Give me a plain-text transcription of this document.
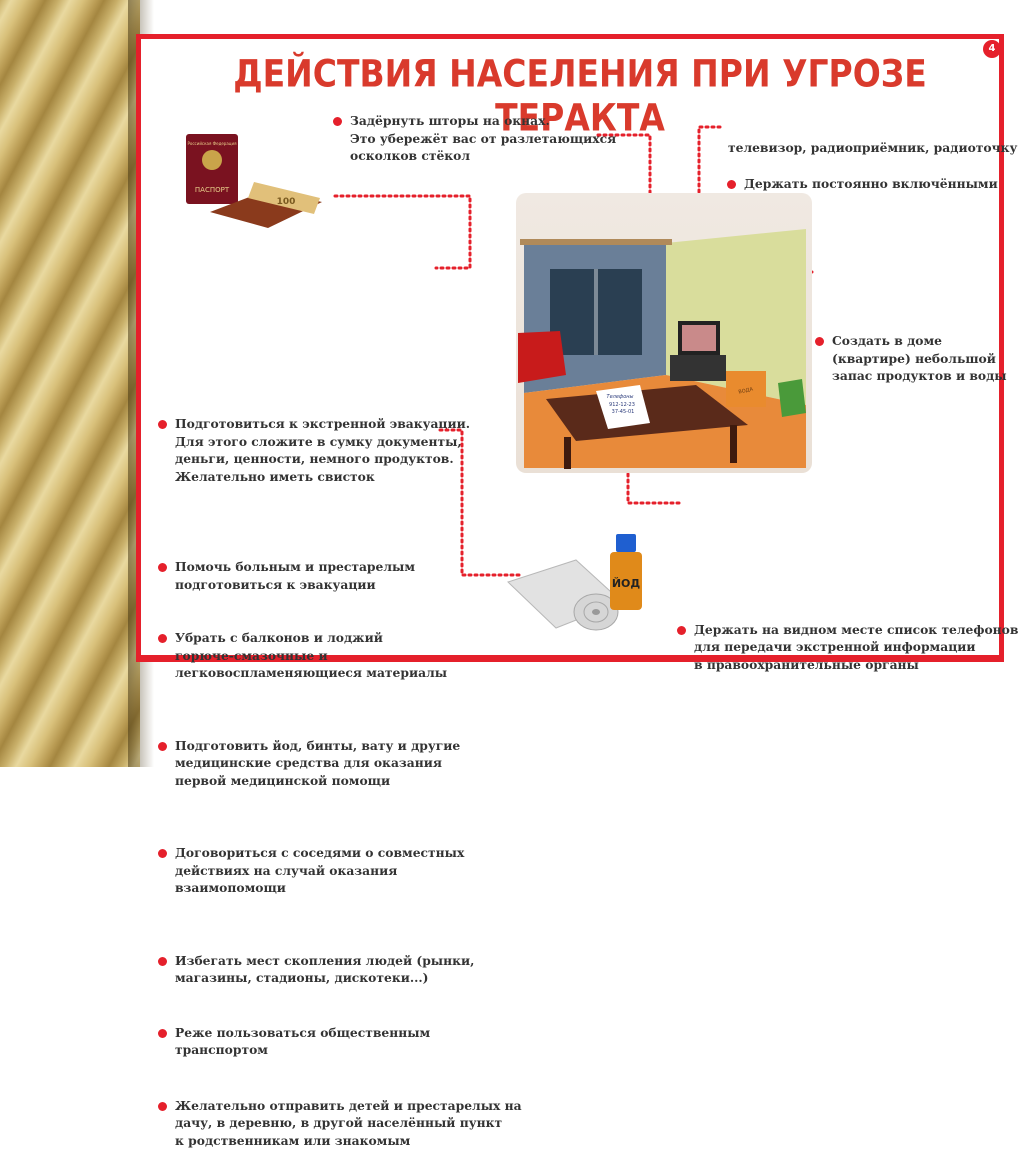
4
ДЕЙСТВИЯ НАСЕЛЕНИЯ ПРИ УГРОЗЕ ТЕРАКТА
Задёрнуть шторы на окнах.
Это убережёт вас от разлетающихся
осколков стёкол
Держать постоянно включёнными
телевизор, радиоприёмник, радиоточку
Создать в доме
(квартире) небольшой
запас продуктов и воды
Держать на видном месте список телефонов
для передачи экстренной информации
в правоохранительные органы
Подготовиться к экстренной эвакуации.
Для этого сложите в сумку документы,
деньги, ценности, немного продуктов.
Желательно иметь свисток
Помочь больным и престарелым
подготовиться к эвакуации
Убрать с балконов и лоджий
горюче-смазочные и
легковоспламеняющиеся материалы
Подготовить йод, бинты, вату и другие
медицинские средства для оказания
первой медицинской помощи
Договориться с соседями о совместных
действиях на случай оказания
взаимопомощи
Избегать мест скопления людей (рынки,
магазины, стадионы, дискотеки...)
Реже пользоваться общественным
транспортом
Желательно отправить детей и престарелых на
дачу, в деревню, в другой населённый пункт
к родственникам или знакомым
Российская Федерация
ПАСПОРТ
100
ВОДА
Телефоны
912-12-23
37-45-01
ЙОД
